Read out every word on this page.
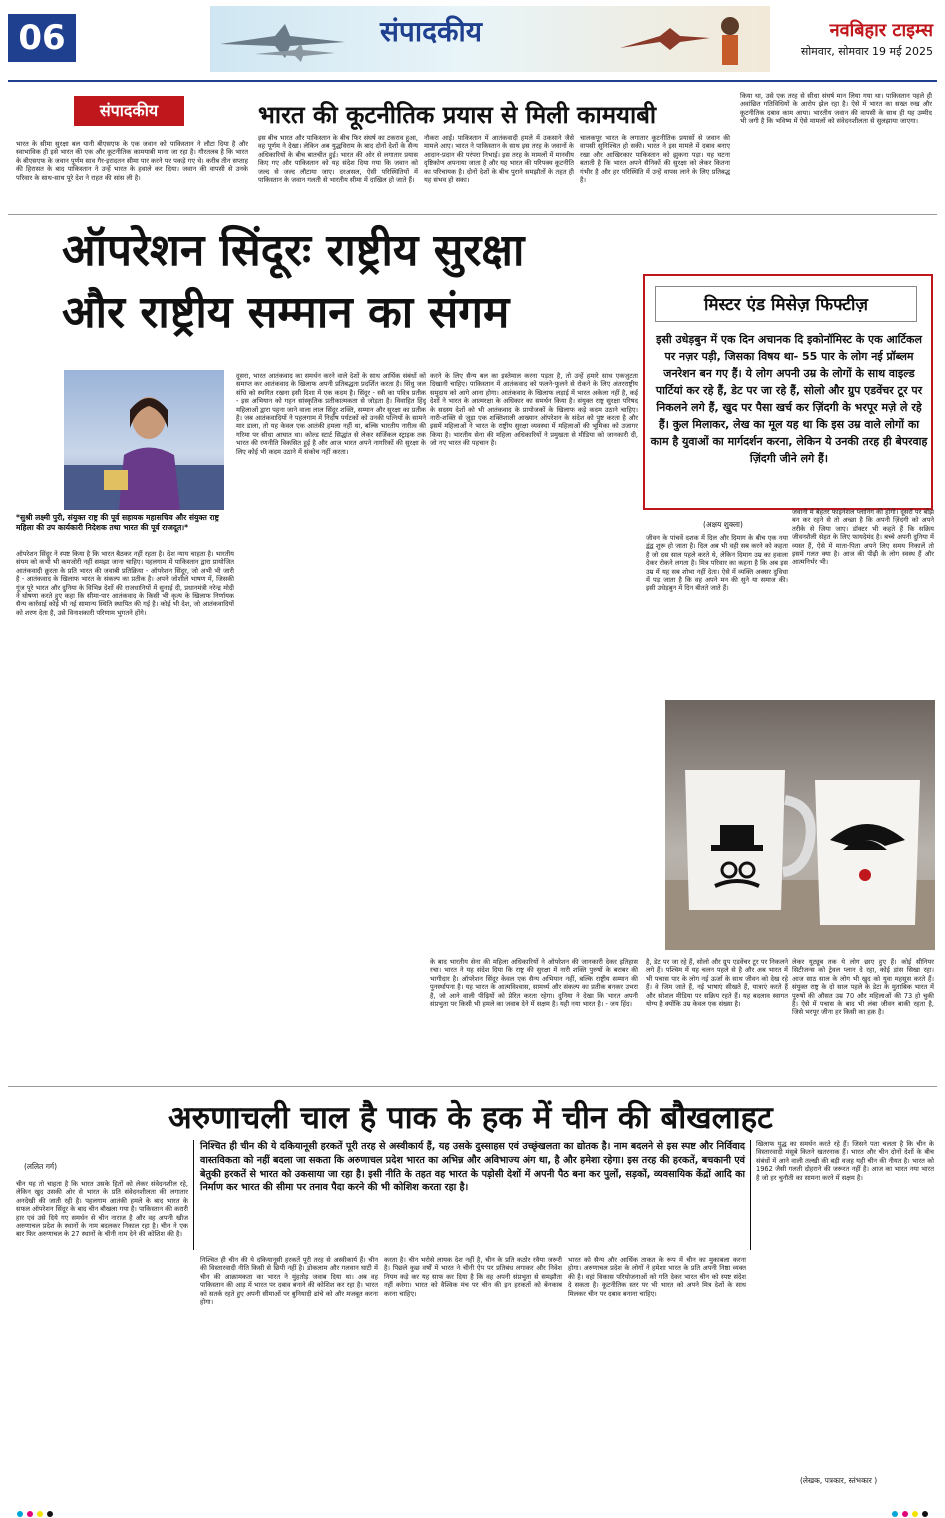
06	संपादकीय	नवबिहार टाइम्स
सोमवार, सोमवार 19 मई 2025
संपादकीय	भारत की कूटनीतिक प्रयास से मिली कामयाबी
भारत के सीमा सुरक्षा बल यानी बीएसएफ के एक जवान को पाकिस्तान ने लौटा दिया है और स्वाभाविक ही इसे भारत की एक और कूटनीतिक कामयाबी माना जा रहा है। गौरतलब है कि भारत के बीएसएफ के जवान पूर्णम साव गैर-इरादतन सीमा पार करने पर पकड़े गए थे। करीब तीन सप्ताह की हिरासत के बाद पाकिस्तान ने उन्हें भारत के हवाले कर दिया। जवान की वापसी से उनके परिवार के साथ-साथ पूरे देश ने राहत की सांस ली है।
इस बीच भारत और पाकिस्तान के बीच फिर संघर्ष का टकराव हुआ, वह पूर्णम ने देखा। लेकिन अब युद्धविराम के बाद दोनों देशों के सैन्य अधिकारियों के बीच बातचीत हुई। भारत की ओर से लगातार प्रयास किए गए और पाकिस्तान को यह संदेश दिया गया कि जवान को जल्द से जल्द लौटाया जाए। दरअसल, ऐसी परिस्थितियों में पाकिस्तान के जवान गलती से भारतीय सीमा में दाखिल हो जाते हैं।
नौकरा आईं। पाकिस्तान में आतंकवादी हमले में उकसाने जैसे मामले आए। भारत ने पाकिस्तान के साथ इस तरह के जवानों के आदान-प्रदान की परंपरा निभाई। इस तरह के मामलों में मानवीय दृष्टिकोण अपनाया जाता है और यह भारत की परिपक्व कूटनीति का परिचायक है। दोनों देशों के बीच पुराने समझौतों के तहत ही यह संभव हो सका।
चालकपूर भारत के लगातार कूटनीतिक प्रयासों से जवान की वापसी सुनिश्चित हो सकी। भारत ने इस मामले में दबाव बनाए रखा और आखिरकार पाकिस्तान को झुकना पड़ा। यह घटना बताती है कि भारत अपने सैनिकों की सुरक्षा को लेकर कितना गंभीर है और हर परिस्थिति में उन्हें वापस लाने के लिए प्रतिबद्ध है।
किया था, उसे एक तरह से सीधा संघर्ष मान लिया गया था। पाकिस्तान पहले ही अवांछित गतिविधियों के आरोप झेल रहा है। ऐसे में भारत का सख्त रुख और कूटनीतिक दबाव काम आया। भारतीय जवान की वापसी के साथ ही यह उम्मीद भी जगी है कि भविष्य में ऐसे मामलों को संवेदनशीलता से सुलझाया जाएगा।
ऑपरेशन सिंदूरः राष्ट्रीय सुरक्षा
और राष्ट्रीय सम्मान का संगम
*सुश्री लक्ष्मी पुरी, संयुक्त राष्ट्र की पूर्व सहायक महासचिव और संयुक्त राष्ट्र महिला की उप कार्यकारी निदेशक तथा भारत की पूर्व राजदूत।*
ऑपरेशन सिंदूर ने स्पष्ट किया है कि भारत बैठकर नहीं रहता है। देश न्याय चाहता है। भारतीय संयम को कभी भी कमजोरी नहीं समझा जाना चाहिए। पहलगाम में पाकिस्तान द्वारा प्रायोजित आतंकवादी क्रूरता के प्रति भारत की जवाबी प्रतिक्रिया - ऑपरेशन सिंदूर, जो अभी भी जारी है - आतंकवाद के खिलाफ भारत के संकल्प का प्रतीक है। अपने जोशीले भाषण में, जिसकी गूंज पूरे भारत और दुनिया के विभिन्न देशों की राजधानियों में सुनाई दी, प्रधानमंत्री नरेन्द्र मोदी ने घोषणा करते हुए कहा कि सीमा-पार आतंकवाद के किसी भी कृत्य के खिलाफ निर्णायक सैन्य कार्रवाई कोई भी नई सामान्य स्थिति स्थापित की गई है। कोई भी देश, जो आतंकवादियों को शरण देता है, उसे विनाशकारी परिणाम भुगतने होंगे।
दूसरा, भारत आतंकवाद का समर्थन करने वाले देशों के साथ आर्थिक संबंधों को समाप्त कर आतंकवाद के खिलाफ अपनी प्रतिबद्धता प्रदर्शित करता है। सिंधु जल संधि को स्थगित रखना इसी दिशा में एक कदम है। सिंदूर - स्त्री का पवित्र प्रतीक - इस अभियान को गहन सांस्कृतिक प्रतीकात्मकता से जोड़ता है। विवाहित हिंदू महिलाओं द्वारा पहना जाने वाला लाल सिंदूर शक्ति, सम्मान और सुरक्षा का प्रतीक है। जब आतंकवादियों ने पहलगाम में निर्दोष पर्यटकों को उनकी पत्नियों के सामने मार डाला, तो यह केवल एक आतंकी हमला नहीं था, बल्कि भारतीय नारीत्व की गरिमा पर सीधा आघात था। कोल्ड स्टार्ट सिद्धांत से लेकर सर्जिकल स्ट्राइक तक भारत की रणनीति विकसित हुई है और आज भारत अपने नागरिकों की सुरक्षा के लिए कोई भी कदम उठाने में संकोच नहीं करता।
करने के लिए सैन्य बल का इस्तेमाल करना पड़ता है, तो उन्हें हमारे साथ एकजुटता दिखानी चाहिए। पाकिस्तान में आतंकवाद को फलने-फूलने से रोकने के लिए अंतरराष्ट्रीय समुदाय को आगे आना होगा। आतंकवाद के खिलाफ लड़ाई में भारत अकेला नहीं है, कई देशों ने भारत के आत्मरक्षा के अधिकार का समर्थन किया है। संयुक्त राष्ट्र सुरक्षा परिषद के सदस्य देशों को भी आतंकवाद के प्रायोजकों के खिलाफ कड़े कदम उठाने चाहिए। नारी-शक्ति से जुड़ा एक शक्तिशाली आख्यान ऑपरेशन के संदेश को पुष्ट करता है और इसमें महिलाओं ने भारत के राष्ट्रीय सुरक्षा व्यवस्था में महिलाओं की भूमिका को उजागर किया है। भारतीय सेना की महिला अधिकारियों ने प्रमुखता से मीडिया को जानकारी दी, जो नए भारत की पहचान है।
के बाद भारतीय सेना की महिला अधिकारियों ने ऑपरेशन की जानकारी देकर इतिहास रचा। भारत ने यह संदेश दिया कि राष्ट्र की सुरक्षा में नारी शक्ति पुरुषों के बराबर की भागीदार है। ऑपरेशन सिंदूर केवल एक सैन्य अभियान नहीं, बल्कि राष्ट्रीय सम्मान की पुनर्स्थापना है। यह भारत के आत्मविश्वास, सामर्थ्य और संकल्प का प्रतीक बनकर उभरा है, जो आने वाली पीढ़ियों को प्रेरित करता रहेगा। दुनिया ने देखा कि भारत अपनी संप्रभुता पर किसी भी हमले का जवाब देने में सक्षम है। यही नया भारत है। - जय हिंद।
मिस्टर एंड मिसेज़ फिफ्टीज़
इसी उधेड़बुन में एक दिन अचानक दि इकोनॉमिस्ट के एक आर्टिकल पर नज़र पड़ी, जिसका विषय था- 55 पार के लोग नई प्रॉब्लम जनरेशन बन गए हैं। ये लोग अपनी उम्र के लोगों के साथ वाइल्ड पार्टियां कर रहे हैं, डेट पर जा रहे हैं, सोलो और ग्रुप एडवेंचर टूर पर निकलने लगे हैं, खुद पर पैसा खर्च कर ज़िंदगी के भरपूर मज़े ले रहे हैं। कुल मिलाकर, लेख का मूल यह था कि इस उम्र वाले लोगों का काम है युवाओं का मार्गदर्शन करना, लेकिन ये उनकी तरह ही बेपरवाह ज़िंदगी जीने लगे हैं।
(अक्षय शुक्ला)
जीवन के पांचवें दशक में दिल और दिमाग के बीच एक नया द्वंद्व शुरू हो जाता है। दिल अब भी वही सब करने को कहता है जो दस साल पहले करते थे, लेकिन दिमाग उम्र का हवाला देकर रोकने लगता है। मित्र परिवार का कहना है कि अब इस उम्र में यह सब शोभा नहीं देता। ऐसे में व्यक्ति अक्सर दुविधा में पड़ जाता है कि वह अपने मन की सुने या समाज की। इसी उधेड़बुन में दिन बीतते जाते हैं।
जवानी में बेहतर फाइनेंशल प्लानिंग की होगी। दूसरों पर बोझ बन कर रहने से तो अच्छा है कि अपनी ज़िंदगी को अपने तरीके से जिया जाए। डॉक्टर भी कहते हैं कि सक्रिय जीवनशैली सेहत के लिए फायदेमंद है। बच्चे अपनी दुनिया में व्यस्त हैं, ऐसे में माता-पिता अपने लिए समय निकालें तो इसमें गलत क्या है। आज की पीढ़ी के लोग स्वस्थ हैं और आत्मनिर्भर भी।
है, डेट पर जा रहे हैं, सोलो और ग्रुप एडवेंचर टूर पर निकलने लगे हैं। पश्चिम में यह चलन पहले से है और अब भारत में भी पचास पार के लोग नई ऊर्जा के साथ जीवन को देख रहे हैं। वे जिम जाते हैं, नई भाषाएं सीखते हैं, यात्राएं करते हैं और सोशल मीडिया पर सक्रिय रहते हैं। यह बदलाव स्वागत योग्य है क्योंकि उम्र केवल एक संख्या है।
लेकर यूट्यूब तक ये लोग छाए हुए हैं। कोई सीनियर सिटीजन्स को ट्रेवल प्लान दे रहा, कोई डांस सिखा रहा। आज साठ साल के लोग भी खुद को युवा महसूस करते हैं। संयुक्त राष्ट्र के दो साल पहले के डेटा के मुताबिक भारत में पुरुषों की औसत उम्र 70 और महिलाओं की 73 हो चुकी है। ऐसे में पचास के बाद भी लंबा जीवन बाकी रहता है, जिसे भरपूर जीना हर किसी का हक़ है।
अरुणाचली चाल है पाक के हक में चीन की बौखलाहट
निश्चित ही चीन की ये दकियानूसी हरकतें पूरी तरह से अस्वीकार्य हैं, यह उसके दुस्साहस एवं उच्छृंखलता का द्योतक है। नाम बदलने से इस स्पष्ट और निर्विवाद वास्तविकता को नहीं बदला जा सकता कि अरुणाचल प्रदेश भारत का अभिन्न और अविभाज्य अंग था, है और हमेशा रहेगा। इस तरह की हरकतें, बचकानी एवं बेतुकी हरकतें से भारत को उकसाया जा रहा है। इसी नीति के तहत वह भारत के पड़ोसी देशों में अपनी पैठ बना कर पुलों, सड़कों, व्यवसायिक केंद्रों आदि का निर्माण कर भारत की सीमा पर तनाव पैदा करने की भी कोशिश करता रहा है।
(ललित गर्ग)
चीन यह तो चाहता है कि भारत उसके हितों को लेकर संवेदनशील रहे, लेकिन खुद उसकी ओर से भारत के प्रति संवेदनशीलता की लगातार अनदेखी की जाती रही है। पहलगाम आतंकी हमले के बाद भारत के सफल ऑपरेशन सिंदूर के बाद चीन बौखला गया है। पाकिस्तान की करारी हार एवं उसे दिये गए समर्थन से चीन नाराज है और वह अपनी खीज अरुणाचल प्रदेश के स्थानों के नाम बदलकर निकाल रहा है। चीन ने एक बार फिर अरुणाचल के 27 स्थानों के चीनी नाम देने की कोशिश की है।
निश्चित ही चीन की ये दकियानूसी हरकतें पूरी तरह से अस्वीकार्य हैं। चीन की विस्तारवादी नीति किसी से छिपी नहीं है। डोकलाम और गलवान घाटी में चीन की आक्रामकता का भारत ने मुंहतोड़ जवाब दिया था। अब वह पाकिस्तान की आड़ में भारत पर दबाव बनाने की कोशिश कर रहा है। भारत को सतर्क रहते हुए अपनी सीमाओं पर बुनियादी ढांचे को और मजबूत करना होगा।
करता है। चीन भरोसे लायक देश नहीं है, चीन के प्रति कठोर रवैया जरूरी है। पिछले कुछ वर्षों में भारत ने चीनी ऐप पर प्रतिबंध लगाकर और निवेश नियम कड़े कर यह साफ कर दिया है कि वह अपनी संप्रभुता से समझौता नहीं करेगा। भारत को वैश्विक मंच पर चीन की इन हरकतों को बेनकाब करना चाहिए।
भारत को सैन्य और आर्थिक ताकत के रूप में चीन का मुकाबला करना होगा। अरुणाचल प्रदेश के लोगों ने हमेशा भारत के प्रति अपनी निष्ठा व्यक्त की है। वहां विकास परियोजनाओं को गति देकर भारत चीन को स्पष्ट संदेश दे सकता है। कूटनीतिक स्तर पर भी भारत को अपने मित्र देशों के साथ मिलकर चीन पर दबाव बनाना चाहिए।
खिलाफ युद्ध का समर्थन करते रहे हैं। जिसने पता चलता है कि चीन के विस्तारवादी मंसूबे कितने खतरनाक हैं। भारत और चीन दोनों देशों के बीच संबंधों में आने वाली तल्खी की बड़ी वजह यही चीन की नीयत है। भारत को 1962 जैसी गलती दोहराने की जरूरत नहीं है। आज का भारत नया भारत है जो हर चुनौती का सामना करने में सक्षम है।
(लेखक, पत्रकार, स्तंभकार )
